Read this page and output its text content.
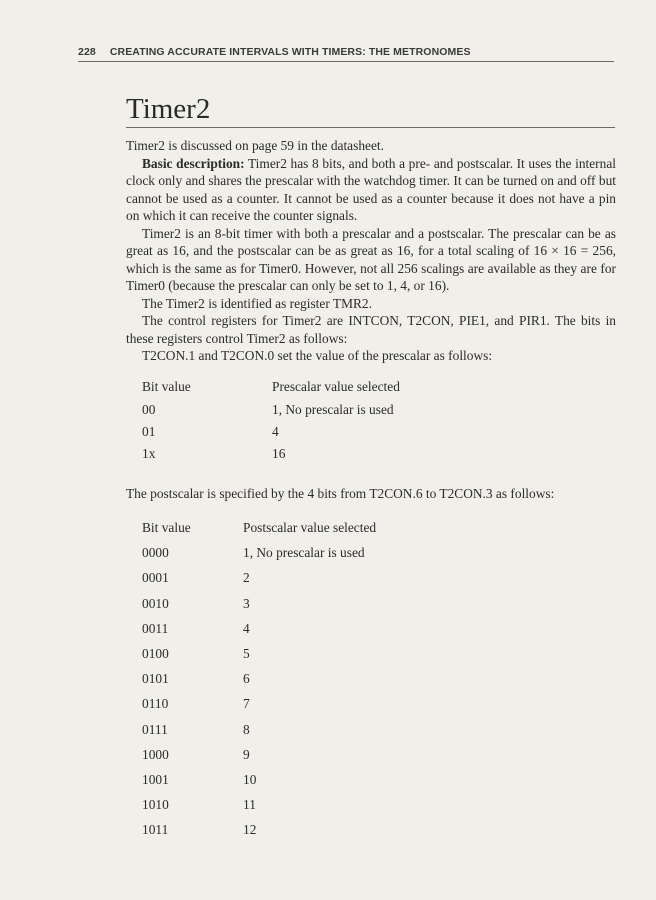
228 CREATING ACCURATE INTERVALS WITH TIMERS: THE METRONOMES
Timer2

Timer2 is discussed on page 59 in the datasheet.

Basic description: Timer2 has 8 bits, and both a pre- and postscalar. It uses the internal clock only and shares the prescalar with the watchdog timer. It can be turned on and off but cannot be used as a counter. It cannot be used as a counter because it does not have a pin on which it can receive the counter signals.

Timer2 is an 8-bit timer with both a prescalar and a postscalar. The prescalar can be as great as 16, and the postscalar can be as great as 16, for a total scaling of 16 × 16 = 256, which is the same as for Timer0. However, not all 256 scalings are available as they are for Timer0 (because the prescalar can only be set to 1, 4, or 16).

The Timer2 is identified as register TMR2.

The control registers for Timer2 are INTCON, T2CON, PIE1, and PIR1. The bits in these registers control Timer2 as follows:

T2CON.1 and T2CON.0 set the value of the prescalar as follows:

Bit value	Prescalar value selected
00	1, No prescalar is used
01	4
1x	16
The postscalar is specified by the 4 bits from T2CON.6 to T2CON.3 as follows:
Bit value	Postscalar value selected
0000	1, No prescalar is used
0001	2
0010	3
0011	4
0100	5
0101	6
0110	7
0111	8
1000	9
1001	10
1010	11
1011	12
